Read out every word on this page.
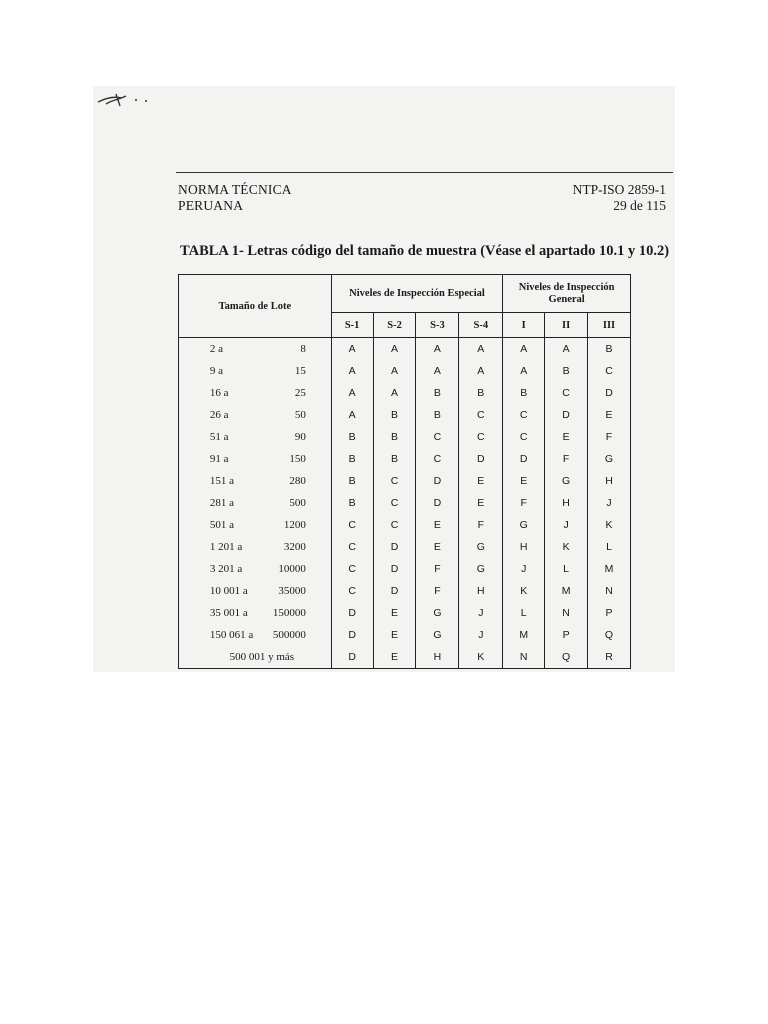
NORMA TÉCNICA
PERUANA
NTP-ISO 2859-1
29 de 115
TABLA 1- Letras código del tamaño de muestra (Véase el apartado 10.1 y 10.2)
Tamaño de Lote	Niveles de Inspección Especial				Niveles de Inspección General		
	S-1	S-2	S-3	S-4	I	II	III
2 a 8	A	A	A	A	A	A	B
9 a 15	A	A	A	A	A	B	C
16 a 25	A	A	B	B	B	C	D
26 a 50	A	B	B	C	C	D	E
51 a 90	B	B	C	C	C	E	F
91 a 150	B	B	C	D	D	F	G
151 a 280	B	C	D	E	E	G	H
281 a 500	B	C	D	E	F	H	J
501 a 1200	C	C	E	F	G	J	K
1 201 a 3200	C	D	E	G	H	K	L
3 201 a 10000	C	D	F	G	J	L	M
10 001 a 35000	C	D	F	H	K	M	N
35 001 a 150000	D	E	G	J	L	N	P
150 061 a 500000	D	E	G	J	M	P	Q
500 001 y más	D	E	H	K	N	Q	R
